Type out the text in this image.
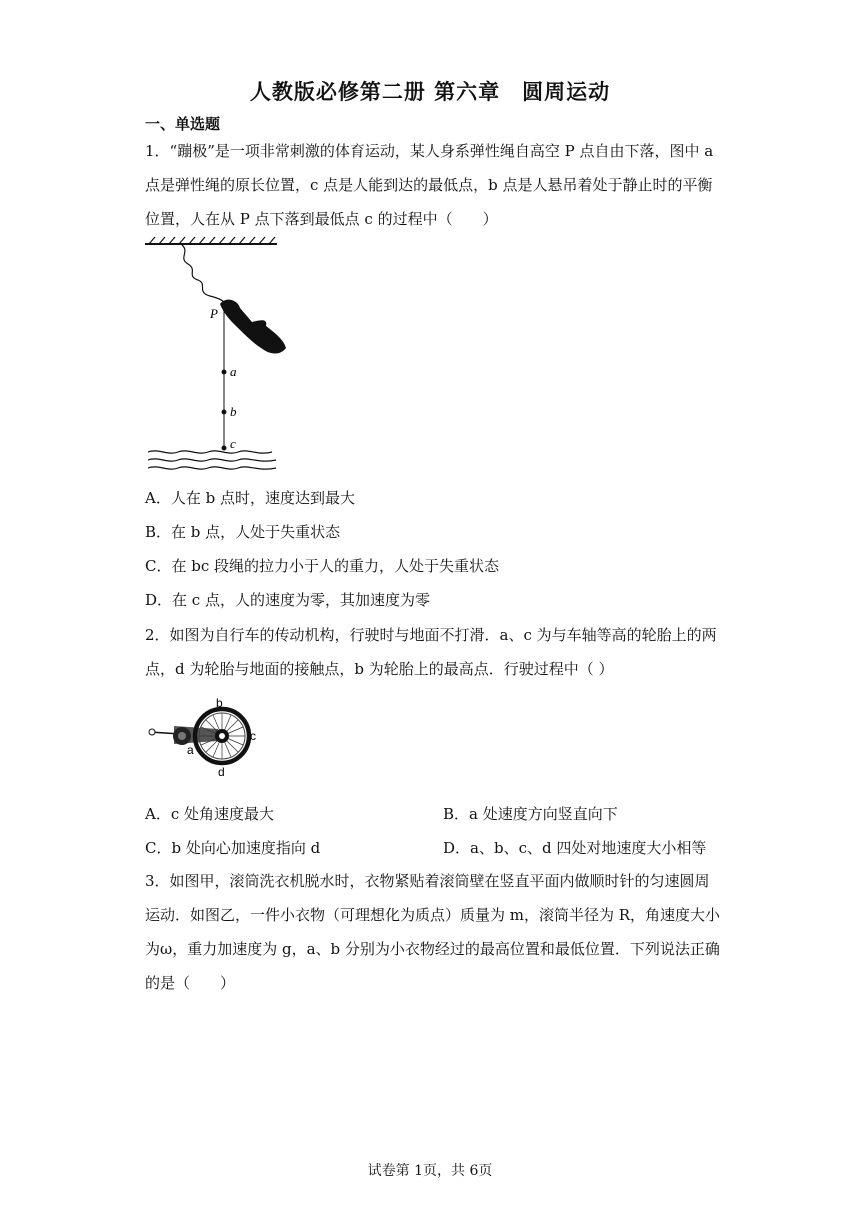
人教版必修第二册 第六章　圆周运动
一、单选题
1．“蹦极”是一项非常刺激的体育运动，某人身系弹性绳自高空 P 点自由下落，图中 a
点是弹性绳的原长位置，c 点是人能到达的最低点，b 点是人悬吊着处于静止时的平衡
位置，人在从 P 点下落到最低点 c 的过程中（　　）
P
a
b
c
A．人在 b 点时，速度达到最大
B．在 b 点，人处于失重状态
C．在 bc 段绳的拉力小于人的重力，人处于失重状态
D．在 c 点，人的速度为零，其加速度为零
2．如图为自行车的传动机构，行驶时与地面不打滑．a、c 为与车轴等高的轮胎上的两
点，d 为轮胎与地面的接触点，b 为轮胎上的最高点．行驶过程中（ ）
b
c
a
d
A．c 处角速度最大	B．a 处速度方向竖直向下
C．b 处向心加速度指向 d	D．a、b、c、d 四处对地速度大小相等
3．如图甲，滚筒洗衣机脱水时，衣物紧贴着滚筒壁在竖直平面内做顺时针的匀速圆周
运动．如图乙，一件小衣物（可理想化为质点）质量为 m，滚筒半径为 R，角速度大小
为ω，重力加速度为 g，a、b 分别为小衣物经过的最高位置和最低位置．下列说法正确
的是（　　）
试卷第 1页，共 6页
